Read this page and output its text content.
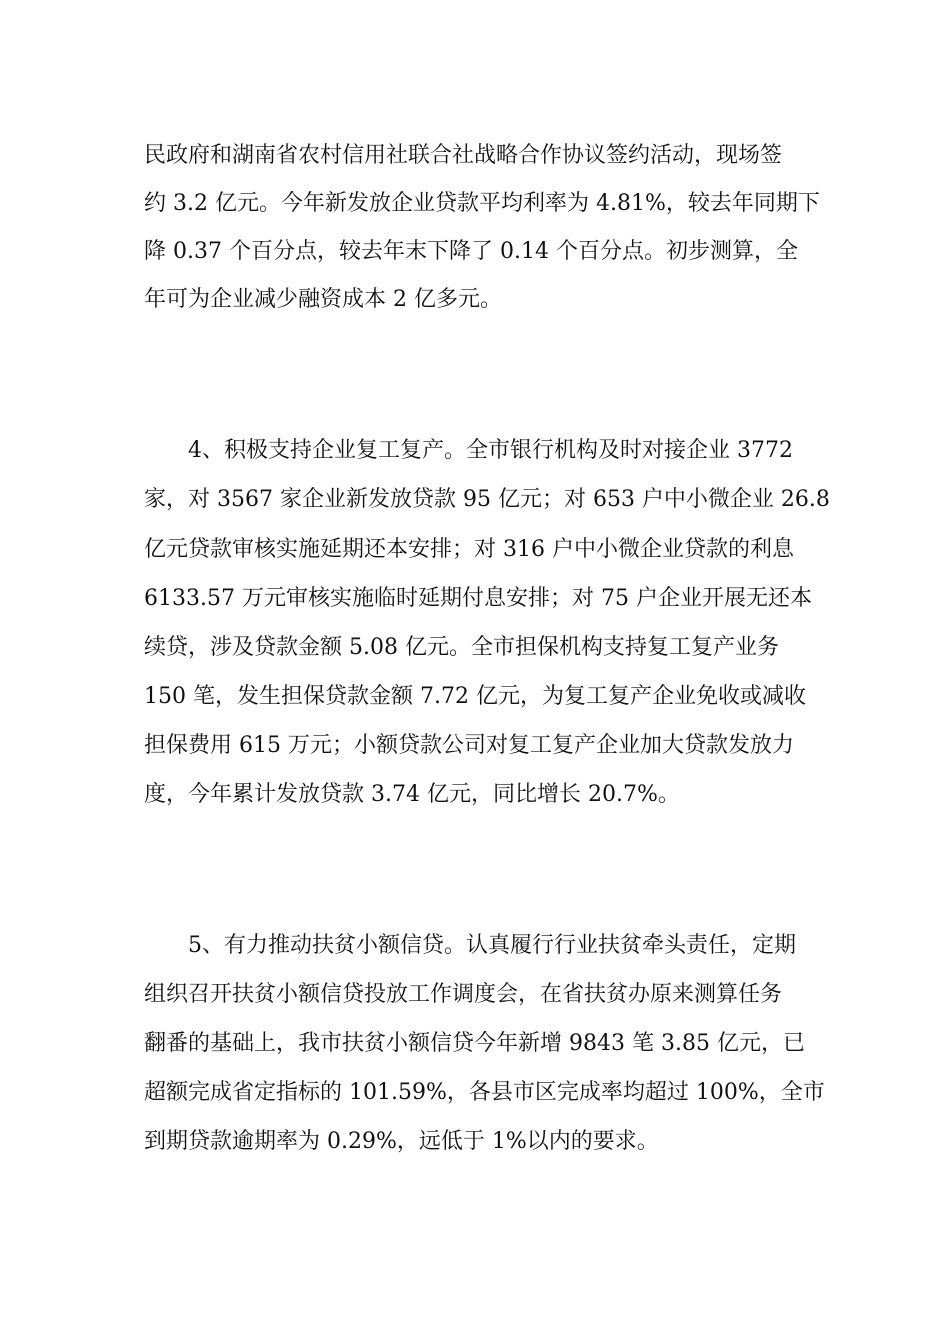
民政府和湖南省农村信用社联合社战略合作协议签约活动，现场签
约 3.2 亿元。今年新发放企业贷款平均利率为 4.81%，较去年同期下
降 0.37 个百分点，较去年末下降了 0.14 个百分点。初步测算，全
年可为企业减少融资成本 2 亿多元。
4、积极支持企业复工复产。全市银行机构及时对接企业 3772
家，对 3567 家企业新发放贷款 95 亿元；对 653 户中小微企业 26.8
亿元贷款审核实施延期还本安排；对 316 户中小微企业贷款的利息
6133.57 万元审核实施临时延期付息安排；对 75 户企业开展无还本
续贷，涉及贷款金额 5.08 亿元。全市担保机构支持复工复产业务
150 笔，发生担保贷款金额 7.72 亿元，为复工复产企业免收或减收
担保费用 615 万元；小额贷款公司对复工复产企业加大贷款发放力
度，今年累计发放贷款 3.74 亿元，同比增长 20.7%。
5、有力推动扶贫小额信贷。认真履行行业扶贫牵头责任，定期
组织召开扶贫小额信贷投放工作调度会，在省扶贫办原来测算任务
翻番的基础上，我市扶贫小额信贷今年新增 9843 笔 3.85 亿元，已
超额完成省定指标的 101.59%，各县市区完成率均超过 100%，全市
到期贷款逾期率为 0.29%，远低于 1%以内的要求。
